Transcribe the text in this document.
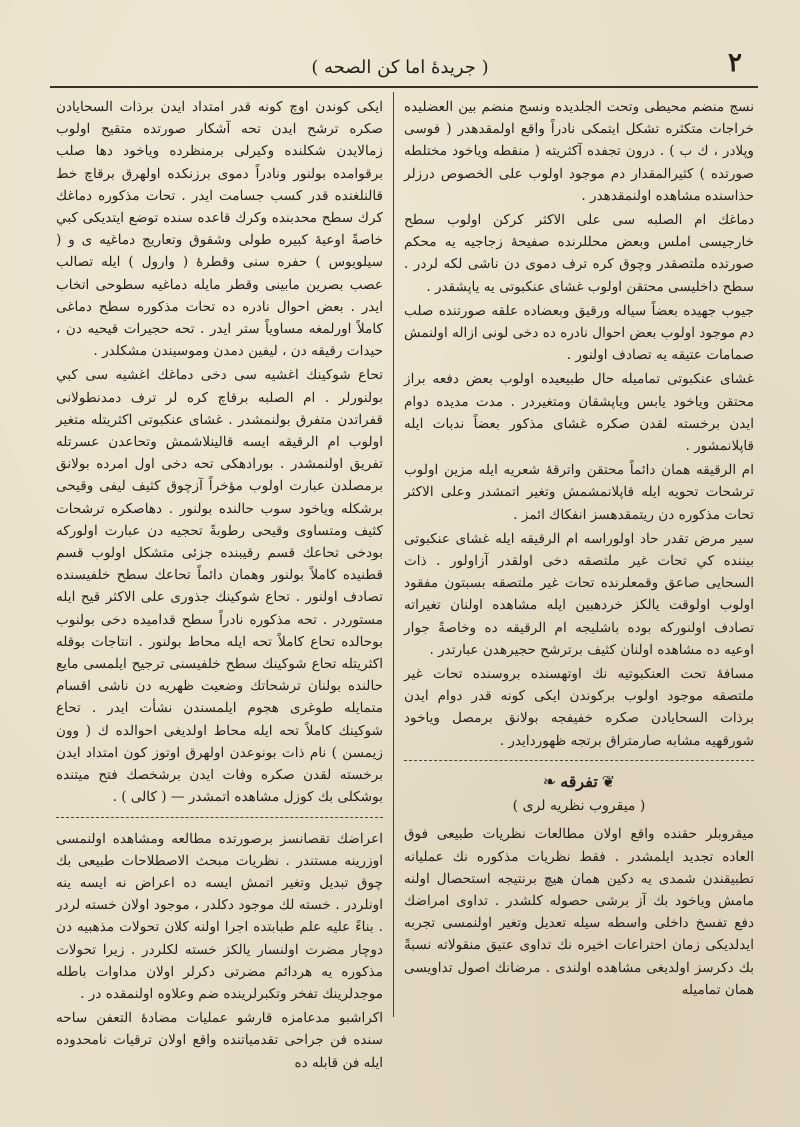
٢
( جريدهٔ اما كن الصحه )

نسج منضم محيطى وتحت الجلديده ونسج منضم بين العضليده خراجات متكثره تشكل ايتمكى نادراً واقع اولمقدهدر ( فوسى وپلادر ، ك ب ) . درون تجفده آكثريته ( منقطه وياخود مختلطه صورتده ) كثيرالمقدار دم موجود اولوب على الخصوص درزلر حذاسنده مشاهده اولنمقدهدر .

دماغك ام الصلبه سى على الاكثر كرکن اولوب سطح خارجيسى املس وبعض محللرنده صفيحهٔ زجاجيه يه محكم صورتده ملتصقدر وچوق كره ترف دموى دن ناشى لكه لردر . سطح داخليسى محتقن اولوب غشاى عنكبوتى يه ياپشقدر .

جيوب جهيده بعضاً سياله ورقيق وبعضاده علقه صورتنده صلب دم موجود اولوب بعض احوال نادره ده دخى لونى ازاله اولنمش صمامات عتيقه يه تصادف اولنور .

غشاى عنكبوتى تماميله حال طبيعيده اولوب بعض دفعه براز محتقن وياخود يابس وياپشقان ومتغيردر . مدت مديده دوام ايدن برخسته لقدن صكره غشاى مذكور بعضاً ندبات ايله قاپلانمشور .

ام الرقيقه همان دائماً محتقن واترقهٔ شعريه ايله مزين اولوب ترشحات تحويه ايله قاپلانمشمش وتغير اتمشدر وعلى الاكثر تحات مذكوره دن ريتمقدهسز انفكاك ائمز .

سير مرض تقدر حاد اولوراسه ام الرقيقه ايله غشاى عنكبوتى بيننده كي تحات غير ملتصقه دخى اولقدر آزاولور . ذات السحايى صاعق وقمعلرنده تحات غير ملتصقه بسبتون مفقود اولوب اولوقت يالكز خردهبين ايله مشاهده اولنان تغيراته تصادف اولنوركه بوده باشليجه ام الرقيقه ده وخاصةً جوار اوعيه ده مشاهده اولنان كثيف برترشح حجيرهدن عبارتدر .

مسافهٔ تحت العنكبوتيه نك اوتهسنده بروسنده تحات غير ملتصقه موجود اولوب بركوندن ايكى كونه قدر دوام ايدن برذات السحايادن صكره خفيفجه بولانق برمصل وياخود شورقهيه مشابه صارمتراق برتجه ظهوردايدر .

❦تفرقه❧
( ميقروب نظريه لرى )

ميقروبلر حقنده واقع اولان مطالعات نظريات طبيعى فوق العاده تجديد ايلمشدر . فقط نظريات مذكوره نك عمليانه تطبيقندن شمدى يه دكين همان هيچ برنتيجه استحصال اولنه مامش وياخود بك آز برشى حصوله كلشدر . تداوى امراضك دفع تفسخ داخلى واسطه سيله تعديل وتغير اولنمسى تجربه ايدلديكى زمان احتراعات اخيره نك تداوى عتيق منقولاته نسبةً بك دكرسز اولديغى مشاهده اولندى . مرضانك اصول تداويسى همان تماميله

ايكى كوندن اوچ كونه قدر امتداد ايدن برذات السحايادن صكره ترشح ايدن تحه آشكار صورتده متقيح اولوب زمالايدن شكلنده وكيرلى برمنظرده وياخود دها صلب برقوامده بولنور ونادراً دموى برزنكده اولهرق برقاچ خط قالنلغنده قدر كسب جسامت ايدر . تحات مذكوره دماغك كرك سطح محدبنده وكرك قاعده سنده توضع ايتديكى كبي خاصةً اوعيهٔ كبيره طولى وشقوق وتعاريج دماغيه ى و ( سيلويوس ) حفره سنى وقطرهٔ ( وارول ) ايله تصالب عصب بصرين مابينى وقطر مايله دماغيه سطوحى اتخاب ايدر . بعض احوال نادره ده تحات مذكوره سطح دماغى كاملاً اورلمغه مساوياً ستر ايدر . تحه حجيرات قيحيه دن ، حيدات رقيقه دن ، ليفين دمدن وموسيندن مشكلدر .

تحاع شوكينك اغشيه سى دخى دماغك اغشيه سى كبي بولنورلر . ام الصلبه برقاچ كره لر ترف دمدنطولانى قفراتدن متفرق بولنمشدر . غشاى عنكبوتى اكثريتله متغير اولوب ام الرقيقه ايسه قالينلاشمش وتحاعدن عسرتله تفريق اولنمشدر . بورادهكى تحه دخى اول امرده بولانق برمصلدن عبارت اولوب مؤخراً آزچوق كثيف ليفى وقيحى برشكله وياخود سوب حالنده بولنور . دهاصكره ترشحات كثيف ومتساوى وقيحى رطوبةً تحجيه دن عبارت اولوركه بودخى تحاعك قسم رقيبنده جزئى متشكل اولوب قسم قطنيده كاملاً بولنور وهمان دائماً تحاعك سطح خلفيسنده تصادف اولنور . تحاع شوكينك جذورى على الاكثر قيح ايله مستوردر . تحه مذكوره نادراً سطح قداميده دخى بولنوب بوحالده تحاع كاملاً تحه ايله محاط بولنور . انتاجات بوقله اكثريتله تحاع شوكينك سطح خلفيسنى ترجيح ايلمسى مايع حالنده بولنان ترشحاتك وضعيت ظهريه دن ناشى اقسام متمايله طوغرى هجوم ايلمسندن نشأت ايدر . تحاع شوكينك كاملاً تحه ايله محاط اولديغى احوالده ك ( وون زيمسن ) نام ذات بونوعدن اولهرق اوتوز كون امتداد ايدن برخسته لقدن صكره وفات ايدن برشخصك فتح ميتنده بوشكلى بك كوزل مشاهده اتمشدر — ( كالى ) .

اعراضك تقصانسز برصورتده مطالعه ومشاهده اولنمسى اوزرينه مستندر . نظريات مبحث الاصطلاحات طبيعى بك چوق تبديل وتغير اتمش ايسه ده اعراض نه ايسه ينه اونلردر . خسته لك موجود دكلدر ، موجود اولان خسته لردر . بناءً عليه علم طبابتده اجرا اولنه كلان تحولات مذهبيه دن دوچار مضرت اولنسار يالكز خسته لكلردر . زيرا تحولات مذكوره يه هردائم مضرتى دكرلر اولان مداوات باطله موجدلرينك تفخر وتكبرلرينده ضم وعلاوه اولنمقده در .

اكراشبو مدعامزه قارشو عمليات مضادهٔ التعفن ساحه سنده فن جراحى تقدمياتنده واقع اولان ترقيات نامحدوده ايله فن قابله ده
